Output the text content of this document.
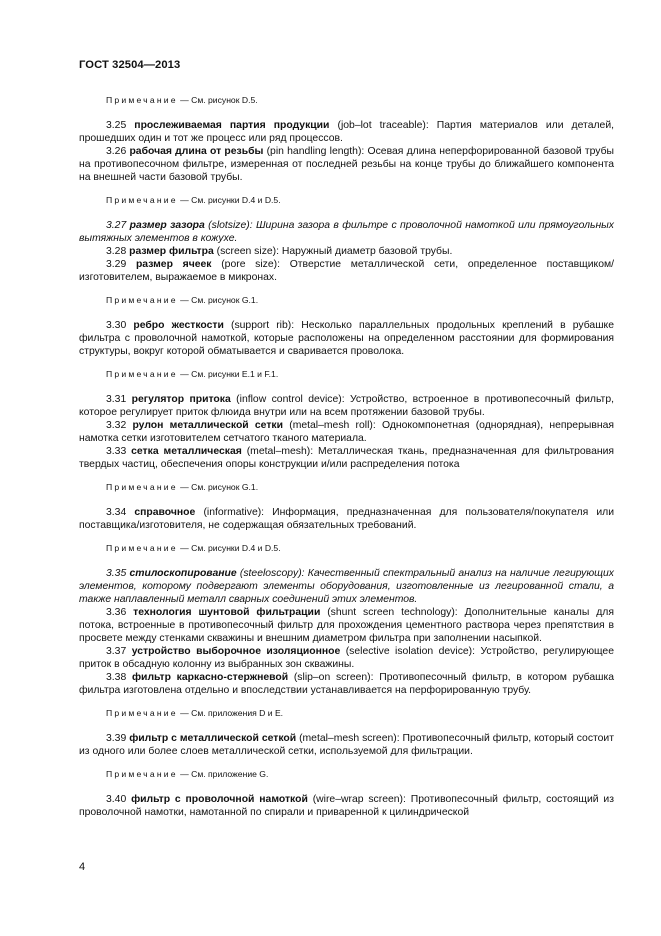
ГОСТ 32504—2013

Примечание — См. рисунок D.5.

3.25 прослеживаемая партия продукции (job–lot traceable): Партия материалов или деталей, прошедших один и тот же процесс или ряд процессов.

3.26 рабочая длина от резьбы (pin handling length): Осевая длина неперфорированной базовой трубы на противопесочном фильтре, измеренная от последней резьбы на конце трубы до ближайшего компонента на внешней части базовой трубы.

Примечание — См. рисунки D.4 и D.5.

3.27 размер зазора (slotsize): Ширина зазора в фильтре с проволочной намоткой или прямоугольных вытяжных элементов в кожухе.

3.28 размер фильтра (screen size): Наружный диаметр базовой трубы.

3.29 размер ячеек (pore size): Отверстие металлической сети, определенное поставщиком/изготовителем, выражаемое в микронах.

Примечание — См. рисунок G.1.

3.30 ребро жесткости (support rib): Несколько параллельных продольных креплений в рубашке фильтра с проволочной намоткой, которые расположены на определенном расстоянии для формирования структуры, вокруг которой обматывается и сваривается проволока.

Примечание — См. рисунки E.1 и F.1.

3.31 регулятор притока (inflow control device): Устройство, встроенное в противопесочный фильтр, которое регулирует приток флюида внутри или на всем протяжении базовой трубы.

3.32 рулон металлической сетки (metal–mesh roll): Однокомпонетная (однорядная), непрерывная намотка сетки изготовителем сетчатого тканого материала.

3.33 сетка металлическая (metal–mesh): Металлическая ткань, предназначенная для фильтрования твердых частиц, обеспечения опоры конструкции и/или распределения потока

Примечание — См. рисунок G.1.

3.34 справочное (informative): Информация, предназначенная для пользователя/покупателя или поставщика/изготовителя, не содержащая обязательных требований.

Примечание — См. рисунки D.4 и D.5.

3.35 стилоскопирование (steeloscopy): Качественный спектральный анализ на наличие легирующих элементов, которому подвергают элементы оборудования, изготовленные из легированной стали, а также наплавленный металл сварных соединений этих элементов.

3.36 технология шунтовой фильтрации (shunt screen technology): Дополнительные каналы для потока, встроенные в противопесочный фильтр для прохождения цементного раствора через препятствия в просвете между стенками скважины и внешним диаметром фильтра при заполнении насыпкой.

3.37 устройство выборочное изоляционное (selective isolation device): Устройство, регулирующее приток в обсадную колонну из выбранных зон скважины.

3.38 фильтр каркасно-стержневой (slip–on screen): Противопесочный фильтр, в котором рубашка фильтра изготовлена отдельно и впоследствии устанавливается на перфорированную трубу.

Примечание — См. приложения D и E.

3.39 фильтр с металлической сеткой (metal–mesh screen): Противопесочный фильтр, который состоит из одного или более слоев металлической сетки, используемой для фильтрации.

Примечание — См. приложение G.

3.40 фильтр с проволочной намоткой (wire–wrap screen): Противопесочный фильтр, состоящий из проволочной намотки, намотанной по спирали и приваренной к цилиндрической

4
